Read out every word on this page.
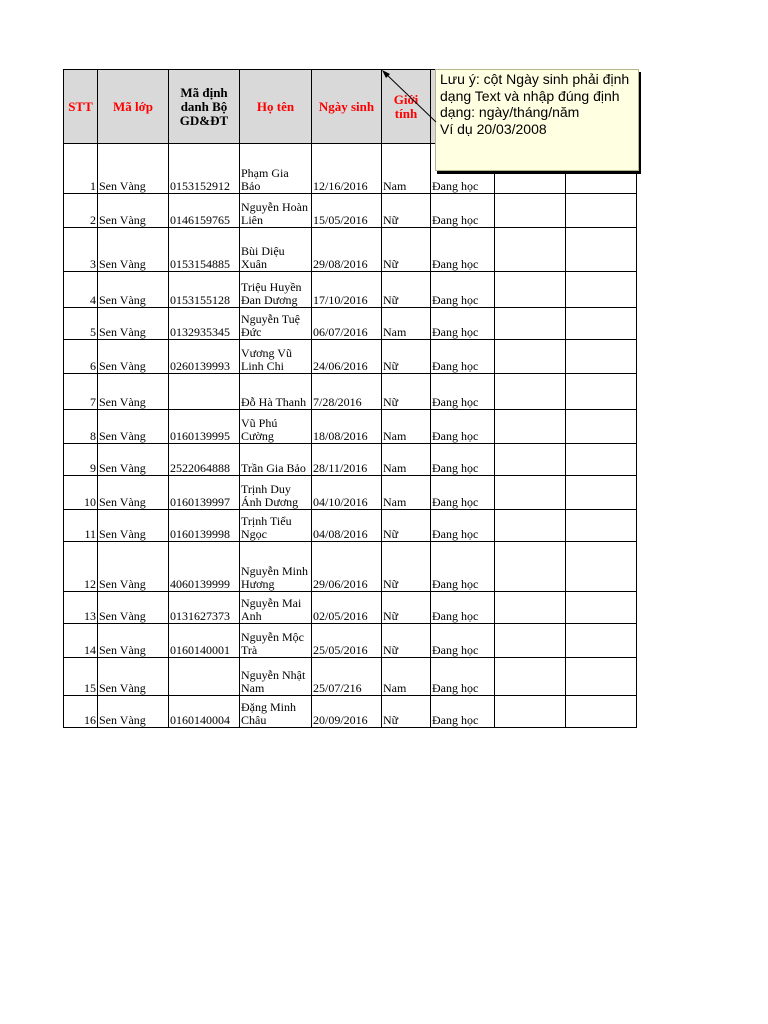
STT	Mã lớp	Mã định danh Bộ GD&ĐT	Họ tên	Ngày sinh	Giới tính			
1	Sen Vàng	0153152912	Phạm Gia Bảo	12/16/2016	Nam	Đang học		
2	Sen Vàng	0146159765	Nguyễn Hoàn Liên	15/05/2016	Nữ	Đang học		
3	Sen Vàng	0153154885	Bùi Diệu Xuân	29/08/2016	Nữ	Đang học		
4	Sen Vàng	0153155128	Triệu Huyền Đan Dương	17/10/2016	Nữ	Đang học		
5	Sen Vàng	0132935345	Nguyễn Tuệ Đức	06/07/2016	Nam	Đang học		
6	Sen Vàng	0260139993	Vương Vũ Linh Chi	24/06/2016	Nữ	Đang học		
7	Sen Vàng		Đỗ Hà Thanh	7/28/2016	Nữ	Đang học		
8	Sen Vàng	0160139995	Vũ Phú Cường	18/08/2016	Nam	Đang học		
9	Sen Vàng	2522064888	Trần Gia Bảo	28/11/2016	Nam	Đang học		
10	Sen Vàng	0160139997	Trịnh Duy Ánh Dương	04/10/2016	Nam	Đang học		
11	Sen Vàng	0160139998	Trịnh Tiểu Ngọc	04/08/2016	Nữ	Đang học		
12	Sen Vàng	4060139999	Nguyễn Minh Hương	29/06/2016	Nữ	Đang học		
13	Sen Vàng	0131627373	Nguyễn Mai Anh	02/05/2016	Nữ	Đang học		
14	Sen Vàng	0160140001	Nguyễn Mộc Trà	25/05/2016	Nữ	Đang học		
15	Sen Vàng		Nguyễn Nhật Nam	25/07/216	Nam	Đang học		
16	Sen Vàng	0160140004	Đặng Minh Châu	20/09/2016	Nữ	Đang học		
Lưu ý: cột Ngày sinh phải định
dạng Text và nhập đúng định
dạng: ngày/tháng/năm
Ví dụ 20/03/2008
